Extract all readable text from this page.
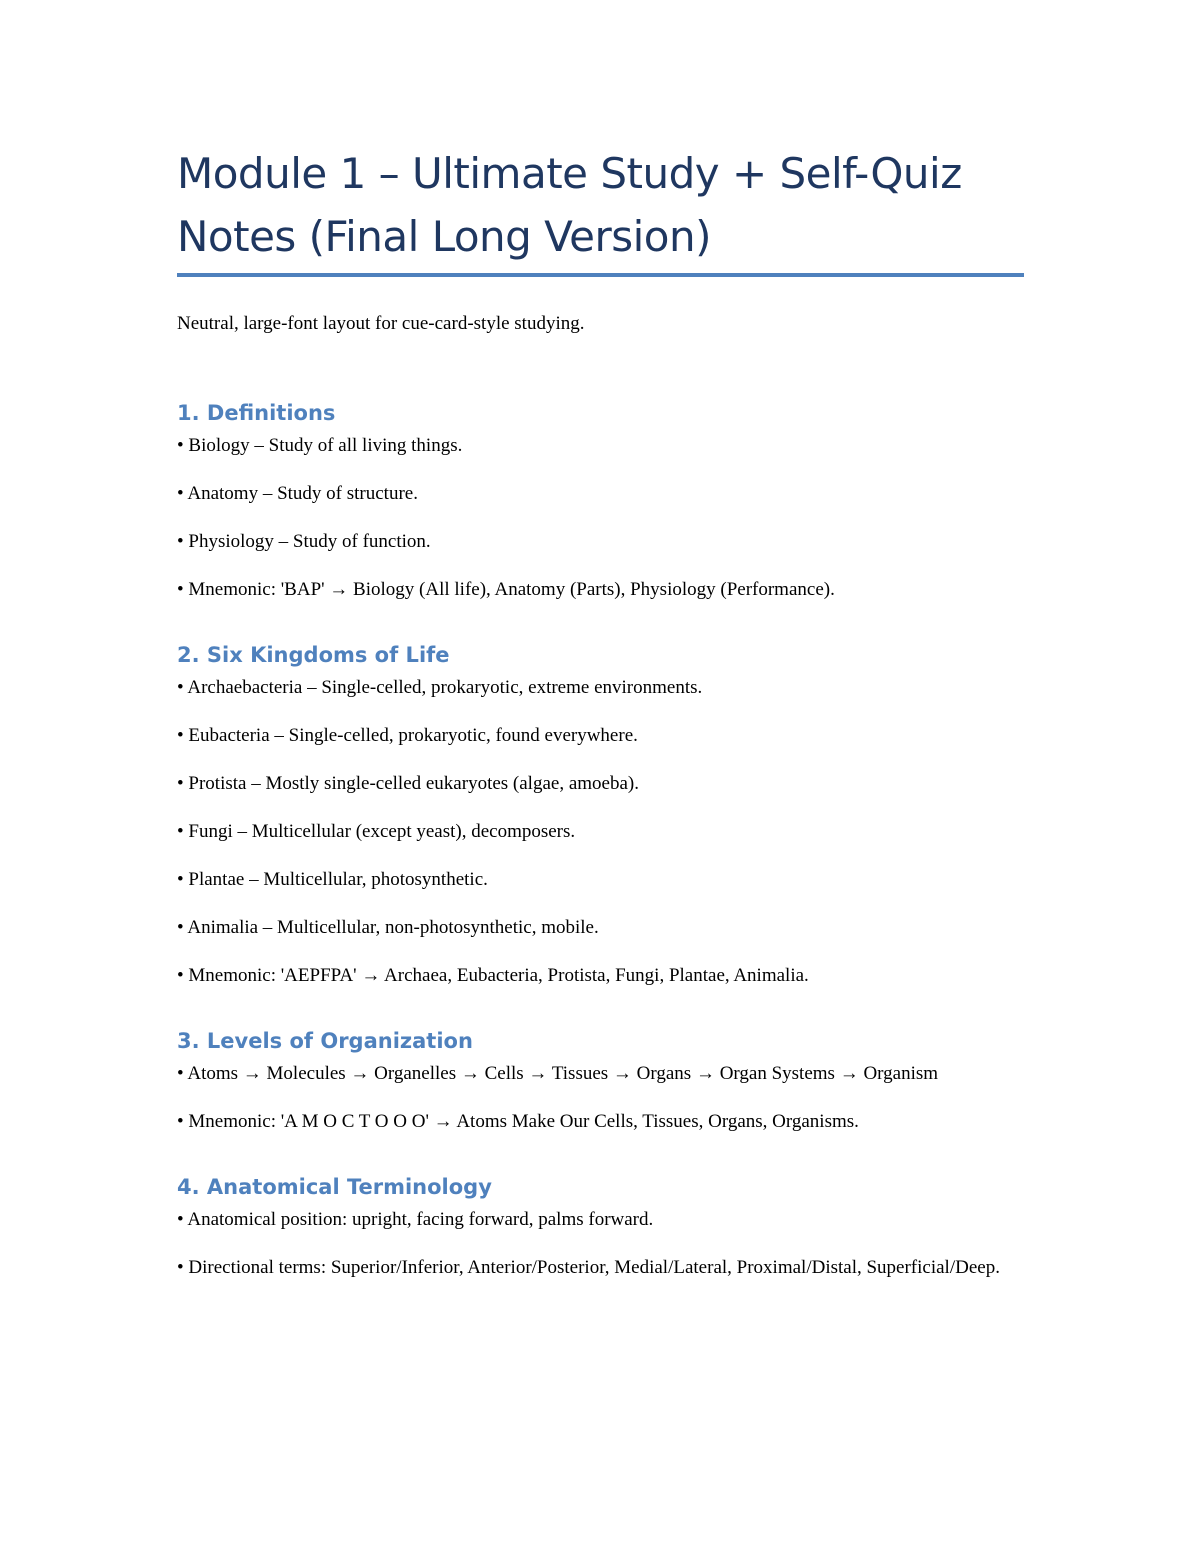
Module 1 – Ultimate Study + Self-Quiz Notes (Final Long Version)

Neutral, large-font layout for cue-card-style studying.

1. Definitions

• Biology – Study of all living things.

• Anatomy – Study of structure.

• Physiology – Study of function.

• Mnemonic: 'BAP' → Biology (All life), Anatomy (Parts), Physiology (Performance).

2. Six Kingdoms of Life

• Archaebacteria – Single-celled, prokaryotic, extreme environments.

• Eubacteria – Single-celled, prokaryotic, found everywhere.

• Protista – Mostly single-celled eukaryotes (algae, amoeba).

• Fungi – Multicellular (except yeast), decomposers.

• Plantae – Multicellular, photosynthetic.

• Animalia – Multicellular, non-photosynthetic, mobile.

• Mnemonic: 'AEPFPA' → Archaea, Eubacteria, Protista, Fungi, Plantae, Animalia.

3. Levels of Organization

• Atoms → Molecules → Organelles → Cells → Tissues → Organs → Organ Systems → Organism

• Mnemonic: 'A M O C T O O O' → Atoms Make Our Cells, Tissues, Organs, Organisms.

4. Anatomical Terminology

• Anatomical position: upright, facing forward, palms forward.

• Directional terms: Superior/Inferior, Anterior/Posterior, Medial/Lateral, Proximal/Distal, Superficial/Deep.
